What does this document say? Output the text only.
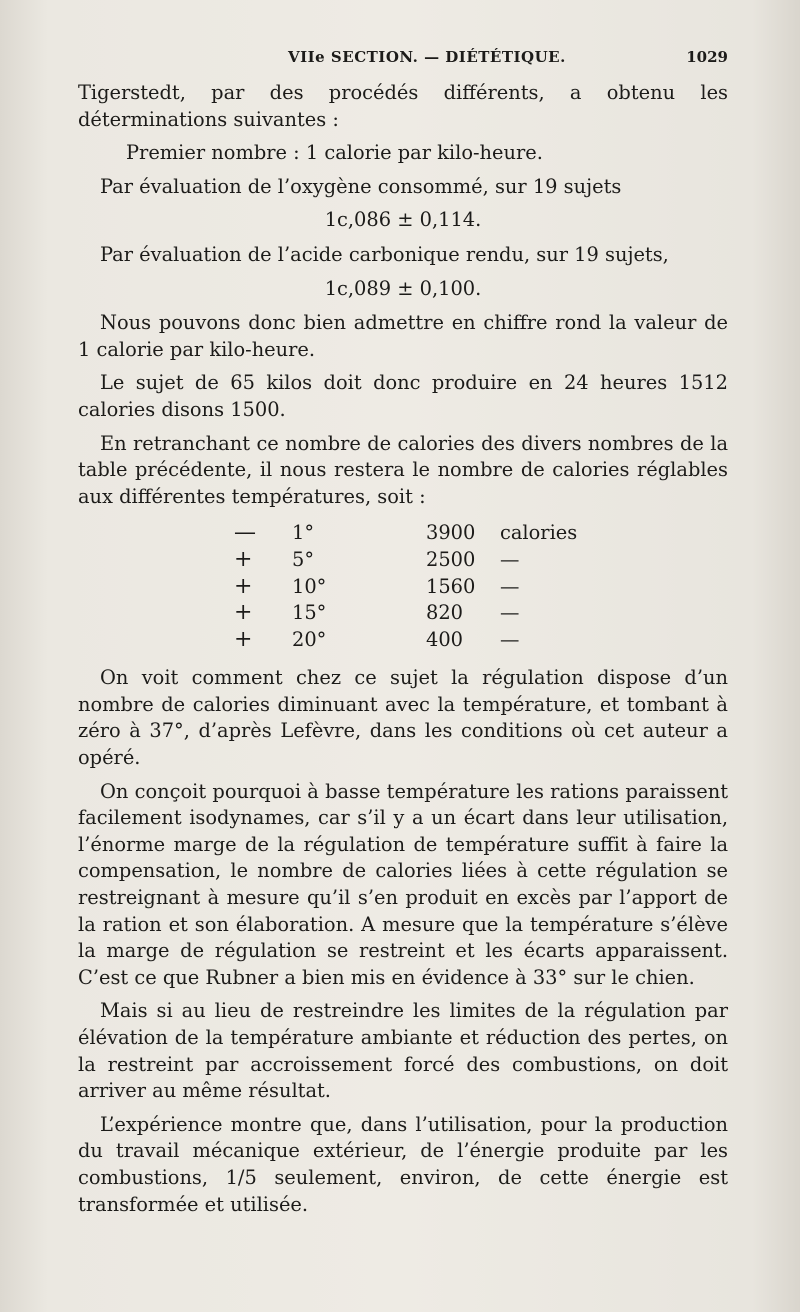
VIIe SECTION. — DIÉTÉTIQUE.	1029

Tigerstedt, par des procédés différents, a obtenu les déterminations suivantes :

Premier nombre : 1 calorie par kilo-heure.

Par évaluation de l’oxygène consommé, sur 19 sujets

1c,086 ± 0,114.

Par évaluation de l’acide carbonique rendu, sur 19 sujets,

1c,089 ± 0,100.

Nous pouvons donc bien admettre en chiffre rond la valeur de 1 calorie par kilo-heure.

Le sujet de 65 kilos doit donc produire en 24 heures 1512 calories disons 1500.

En retranchant ce nombre de calories des divers nombres de la table précédente, il nous restera le nombre de calories réglables aux différentes températures, soit :

—	1°	3900	calories
+	5°	2500	—
+	10°	1560	—
+	15°	820	—
+	20°	400	—

On voit comment chez ce sujet la régulation dispose d’un nombre de calories diminuant avec la température, et tombant à zéro à 37°, d’après Lefèvre, dans les conditions où cet auteur a opéré.

On conçoit pourquoi à basse température les rations paraissent facilement isodynames, car s’il y a un écart dans leur utilisation, l’énorme marge de la régulation de température suffit à faire la compensation, le nombre de calories liées à cette régulation se restreignant à mesure qu’il s’en produit en excès par l’apport de la ration et son élaboration. A mesure que la température s’élève la marge de régulation se restreint et les écarts apparaissent. C’est ce que Rubner a bien mis en évidence à 33° sur le chien.

Mais si au lieu de restreindre les limites de la régulation par élévation de la température ambiante et réduction des pertes, on la restreint par accroissement forcé des combustions, on doit arriver au même résultat.

L’expérience montre que, dans l’utilisation, pour la production du travail mécanique extérieur, de l’énergie produite par les combustions, 1/5 seulement, environ, de cette énergie est transformée et utilisée.
